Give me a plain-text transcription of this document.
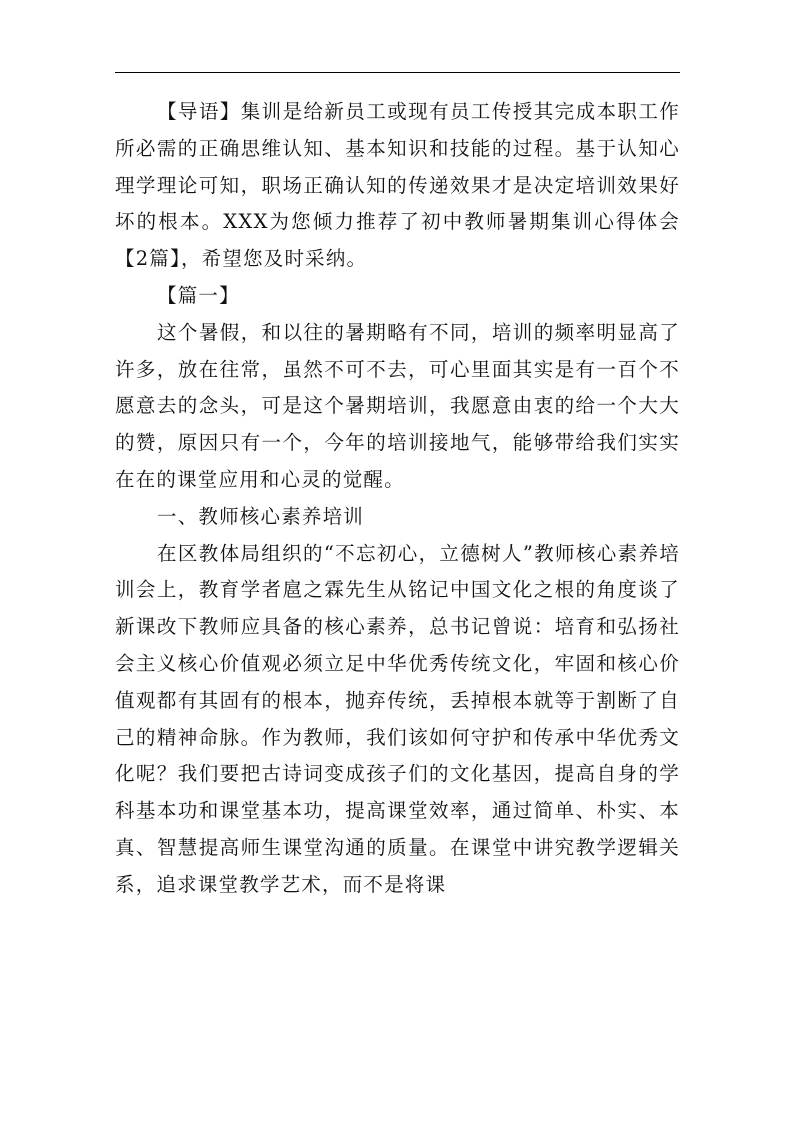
【导语】集训是给新员工或现有员工传授其完成本职工作所必需的正确思维认知、基本知识和技能的过程。基于认知心理学理论可知，职场正确认知的传递效果才是决定培训效果好坏的根本。XXX为您倾力推荐了初中教师暑期集训心得体会【2篇】，希望您及时采纳。

【篇一】

这个暑假，和以往的暑期略有不同，培训的频率明显高了许多，放在往常，虽然不可不去，可心里面其实是有一百个不愿意去的念头，可是这个暑期培训，我愿意由衷的给一个大大的赞，原因只有一个，今年的培训接地气，能够带给我们实实在在的课堂应用和心灵的觉醒。

一、教师核心素养培训

在区教体局组织的“不忘初心，立德树人”教师核心素养培训会上，教育学者扈之霖先生从铭记中国文化之根的角度谈了新课改下教师应具备的核心素养，总书记曾说：培育和弘扬社会主义核心价值观必须立足中华优秀传统文化，牢固和核心价值观都有其固有的根本，抛弃传统，丢掉根本就等于割断了自己的精神命脉。作为教师，我们该如何守护和传承中华优秀文化呢？我们要把古诗词变成孩子们的文化基因，提高自身的学科基本功和课堂基本功，提高课堂效率，通过简单、朴实、本真、智慧提高师生课堂沟通的质量。在课堂中讲究教学逻辑关系，追求课堂教学艺术，而不是将课
